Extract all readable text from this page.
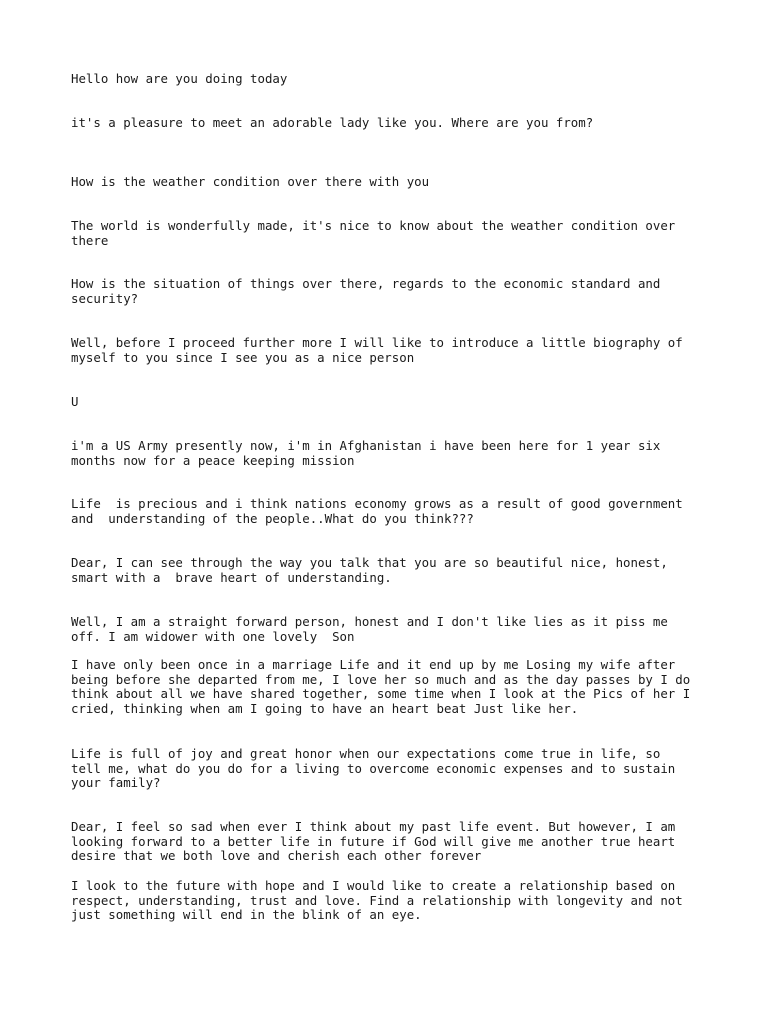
Hello how are you doing today

it's a pleasure to meet an adorable lady like you. Where are you from?

How is the weather condition over there with you

The world is wonderfully made, it's nice to know about the weather condition over
there

How is the situation of things over there, regards to the economic standard and
security?

Well, before I proceed further more I will like to introduce a little biography of
myself to you since I see you as a nice person

U

i'm a US Army presently now, i'm in Afghanistan i have been here for 1 year six
months now for a peace keeping mission

Life  is precious and i think nations economy grows as a result of good government
and  understanding of the people..What do you think???

Dear, I can see through the way you talk that you are so beautiful nice, honest,
smart with a  brave heart of understanding.

Well, I am a straight forward person, honest and I don't like lies as it piss me
off. I am widower with one lovely  Son

I have only been once in a marriage Life and it end up by me Losing my wife after
being before she departed from me, I love her so much and as the day passes by I do
think about all we have shared together, some time when I look at the Pics of her I
cried, thinking when am I going to have an heart beat Just like her.

Life is full of joy and great honor when our expectations come true in life, so
tell me, what do you do for a living to overcome economic expenses and to sustain
your family?

Dear, I feel so sad when ever I think about my past life event. But however, I am
looking forward to a better life in future if God will give me another true heart
desire that we both love and cherish each other forever

I look to the future with hope and I would like to create a relationship based on
respect, understanding, trust and love. Find a relationship with longevity and not
just something will end in the blink of an eye.
